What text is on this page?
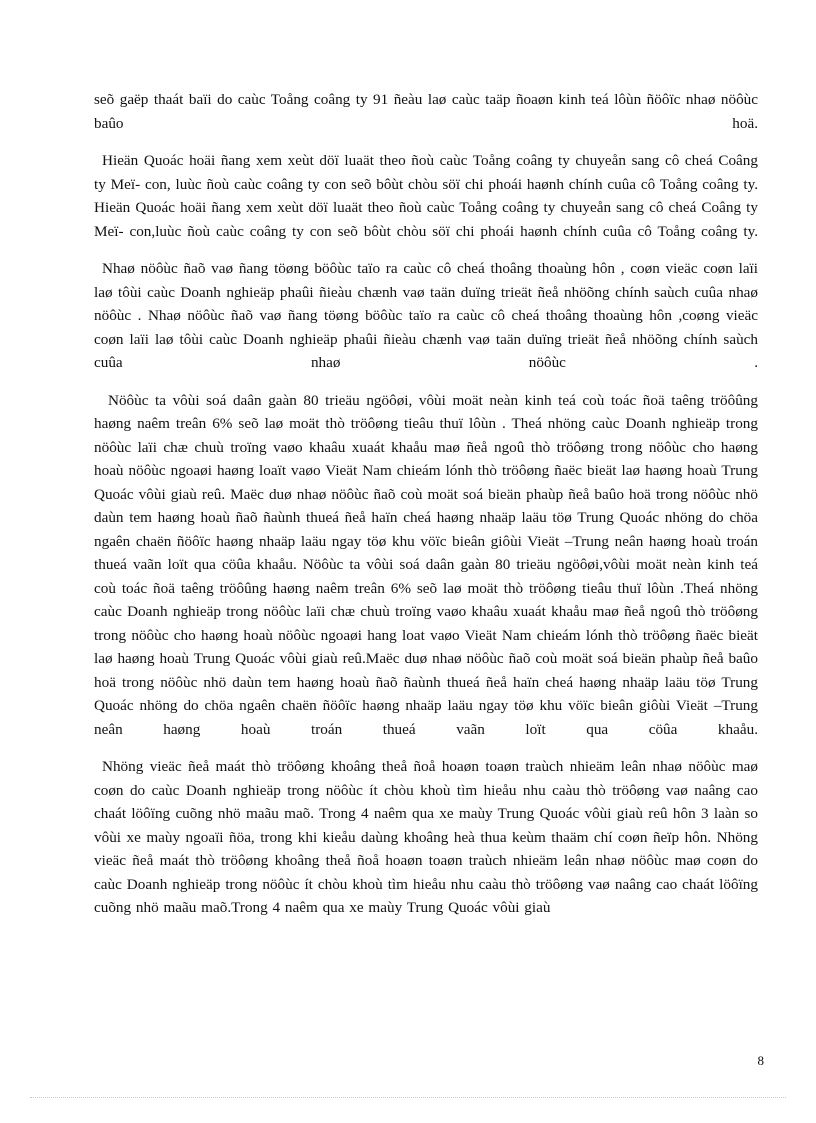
seõ gaëp thaát baïi do caùc Toång coâng ty 91 ñeàu laø caùc taäp ñoaøn kinh teá lôùn ñöôïc nhaø nöôùc baûo hoä.

Hieän Quoác hoäi ñang xem xeùt döï luaät theo ñoù caùc Toång coâng ty chuyeån sang cô cheá Coâng ty Meï- con, luùc ñoù caùc coâng ty con seõ bôùt chòu söï chi phoái haønh chính cuûa cô Toång coâng ty. Hieän Quoác hoäi ñang xem xeùt döï luaät theo ñoù caùc Toång coâng ty chuyeån sang cô cheá Coâng ty Meï- con,luùc ñoù caùc coâng ty con seõ bôùt chòu söï chi phoái haønh chính cuûa cô Toång coâng ty.

Nhaø nöôùc ñaõ vaø ñang töøng böôùc taïo ra caùc cô cheá thoâng thoaùng hôn , coøn vieäc coøn laïi laø tôùi caùc Doanh nghieäp phaûi ñieàu chænh vaø taän duïng trieät ñeå nhöõng chính saùch cuûa nhaø nöôùc . Nhaø nöôùc ñaõ vaø ñang töøng böôùc taïo ra caùc cô cheá thoâng thoaùng hôn ,coøng vieäc coøn laïi laø tôùi caùc Doanh nghieäp phaûi ñieàu chænh vaø taän duïng trieät ñeå nhöõng chính saùch cuûa nhaø nöôùc .

Nöôùc ta vôùi soá daân gaàn 80 trieäu ngöôøi, vôùi moät neàn kinh teá coù toác ñoä taêng tröôûng haøng naêm treân 6% seõ laø moät thò tröôøng tieâu thuï lôùn . Theá nhöng caùc Doanh nghieäp trong nöôùc laïi chæ chuù troïng vaøo khaâu xuaát khaåu maø ñeå ngoû thò tröôøng trong nöôùc cho haøng hoaù nöôùc ngoaøi haøng loaït vaøo Vieät Nam chieám lónh thò tröôøng ñaëc bieät laø haøng hoaù Trung Quoác vôùi giaù reû. Maëc duø nhaø nöôùc ñaõ coù moät soá bieän phaùp ñeå baûo hoä trong nöôùc nhö daùn tem haøng hoaù ñaõ ñaùnh thueá ñeå haïn cheá haøng nhaäp laäu töø Trung Quoác nhöng do chöa ngaên chaën ñöôïc haøng nhaäp laäu ngay töø khu vöïc bieân giôùi Vieät –Trung neân haøng hoaù troán thueá vaãn loït qua cöûa khaåu. Nöôùc ta vôùi soá daân gaàn 80 trieäu ngöôøi,vôùi moät neàn kinh teá coù toác ñoä taêng tröôûng haøng naêm treân 6% seõ laø moät thò tröôøng tieâu thuï lôùn .Theá nhöng caùc Doanh nghieäp trong nöôùc laïi chæ chuù troïng vaøo khaâu xuaát khaåu maø ñeå ngoû thò tröôøng trong nöôùc cho haøng hoaù nöôùc ngoaøi hang loat vaøo Vieät Nam chieám lónh thò tröôøng ñaëc bieät laø haøng hoaù Trung Quoác vôùi giaù reû.Maëc duø nhaø nöôùc ñaõ coù moät soá bieän phaùp ñeå baûo hoä trong nöôùc nhö daùn tem haøng hoaù ñaõ ñaùnh thueá ñeå haïn cheá haøng nhaäp laäu töø Trung Quoác nhöng do chöa ngaên chaën ñöôïc haøng nhaäp laäu ngay töø khu vöïc bieân giôùi Vieät –Trung neân haøng hoaù troán thueá vaãn loït qua cöûa khaåu.

Nhöng vieäc ñeå maát thò tröôøng khoâng theå ñoå hoaøn toaøn traùch nhieäm leân nhaø nöôùc maø coøn do caùc Doanh nghieäp trong nöôùc ít chòu khoù tìm hieåu nhu caàu thò tröôøng vaø naâng cao chaát löôïng cuõng nhö maãu maõ. Trong 4 naêm qua xe maùy Trung Quoác vôùi giaù reû hôn 3 laàn so vôùi xe maùy ngoaïi ñöa, trong khi kieåu daùng khoâng heà thua keùm thaäm chí coøn ñeïp hôn. Nhöng vieäc ñeå maát thò tröôøng khoâng theå ñoå hoaøn toaøn traùch nhieäm leân nhaø nöôùc maø coøn do caùc Doanh nghieäp trong nöôùc ít chòu khoù tìm hieåu nhu caàu thò tröôøng vaø naâng cao chaát löôïng cuõng nhö maãu maõ.Trong 4 naêm qua xe maùy Trung Quoác vôùi giaù

8
